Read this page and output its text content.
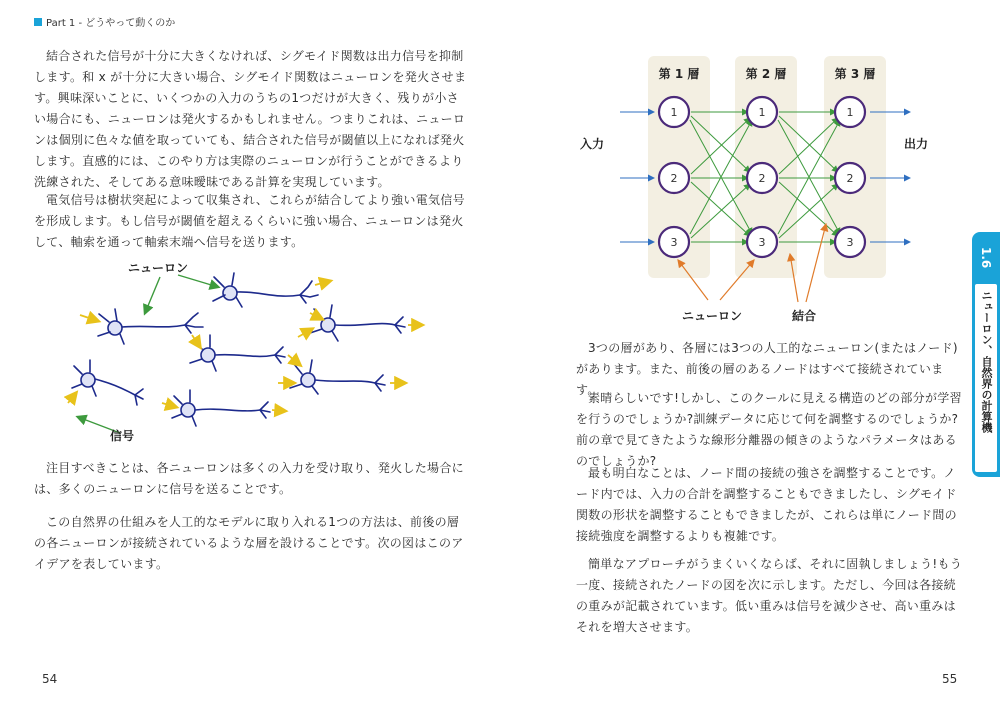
Part 1 - どうやって動くのか

結合された信号が十分に大きくなければ、シグモイド関数は出力信号を抑制します。和 x が十分に大きい場合、シグモイド関数はニューロンを発火させます。興味深いことに、いくつかの入力のうちの1つだけが大きく、残りが小さい場合にも、ニューロンは発火するかもしれません。つまりこれは、ニューロンは個別に色々な値を取っていても、結合された信号が閾値以上になれば発火します。直感的には、このやり方は実際のニューロンが行うことができるより洗練された、そしてある意味曖昧である計算を実現しています。

電気信号は樹状突起によって収集され、これらが結合してより強い電気信号を形成します。もし信号が閾値を超えるくらいに強い場合、ニューロンは発火して、軸索を通って軸索末端へ信号を送ります。

ニューロン
信号

注目すべきことは、各ニューロンは多くの入力を受け取り、発火した場合には、多くのニューロンに信号を送ることです。

この自然界の仕組みを人工的なモデルに取り入れる1つの方法は、前後の層の各ニューロンが接続されているような層を設けることです。次の図はこのアイデアを表しています。

54
第 1 層	第 2 層	第 3 層
1
2
3
1
2
3
1
2
3
入力	出力
ニューロン	結合

3つの層があり、各層には3つの人工的なニューロン(またはノード)があります。また、前後の層のあるノードはすべて接続されています。

素晴らしいです!しかし、このクールに見える構造のどの部分が学習を行うのでしょうか?訓練データに応じて何を調整するのでしょうか?前の章で見てきたような線形分離器の傾きのようなパラメータはあるのでしょうか?

最も明白なことは、ノード間の接続の強さを調整することです。ノード内では、入力の合計を調整することもできましたし、シグモイド関数の形状を調整することもできましたが、これらは単にノード間の接続強度を調整するよりも複雑です。

簡単なアプローチがうまくいくならば、それに固執しましょう!もう一度、接続されたノードの図を次に示します。ただし、今回は各接続の重みが記載されています。低い重みは信号を減少させ、高い重みはそれを増大させます。

55
1.6
ニューロン、自然界の計算機
